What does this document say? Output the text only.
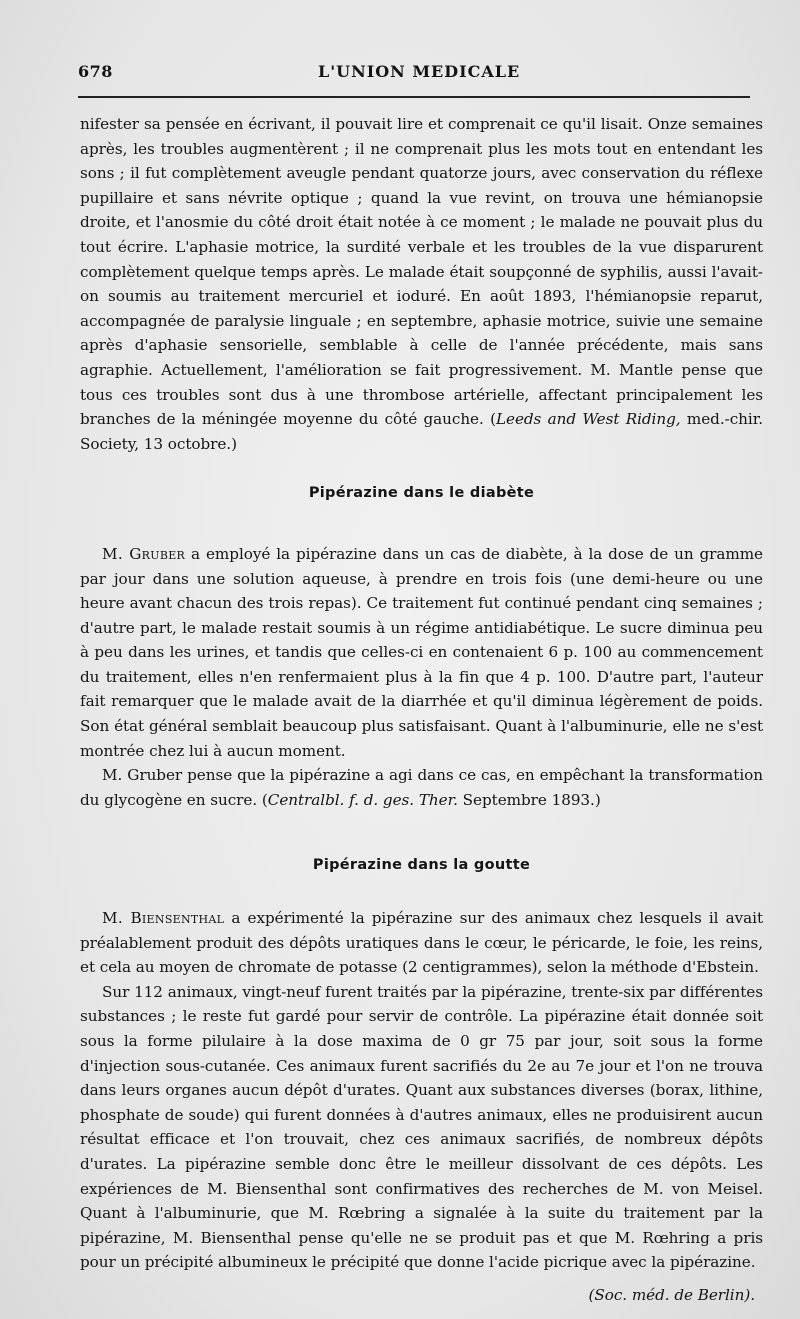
678	L'UNION MEDICALE

nifester sa pensée en écrivant, il pouvait lire et comprenait ce qu'il lisait. Onze semaines après, les troubles augmentèrent ; il ne comprenait plus les mots tout en entendant les sons ; il fut complètement aveugle pendant quatorze jours, avec conservation du réflexe pupillaire et sans névrite optique ; quand la vue revint, on trouva une hémianopsie droite, et l'anosmie du côté droit était notée à ce moment ; le malade ne pouvait plus du tout écrire. L'aphasie motrice, la surdité verbale et les troubles de la vue disparurent complètement quelque temps après. Le malade était soupçonné de syphilis, aussi l'avait-on soumis au traitement mercuriel et ioduré. En août 1893, l'hémianopsie reparut, accompagnée de paralysie linguale ; en septembre, aphasie motrice, suivie une semaine après d'aphasie sensorielle, semblable à celle de l'année précédente, mais sans agraphie. Actuellement, l'amélioration se fait progressivement. M. Mantle pense que tous ces troubles sont dus à une thrombose artérielle, affectant principalement les branches de la méningée moyenne du côté gauche. (Leeds and West Riding, med.-chir. Society, 13 octobre.)

Pipérazine dans le diabète

M. Gruber a employé la pipérazine dans un cas de diabète, à la dose de un gramme par jour dans une solution aqueuse, à prendre en trois fois (une demi-heure ou une heure avant chacun des trois repas). Ce traitement fut continué pendant cinq semaines ; d'autre part, le malade restait soumis à un régime antidiabétique. Le sucre diminua peu à peu dans les urines, et tandis que celles-ci en contenaient 6 p. 100 au commencement du traitement, elles n'en renfermaient plus à la fin que 4 p. 100. D'autre part, l'auteur fait remarquer que le malade avait de la diarrhée et qu'il diminua légèrement de poids. Son état général semblait beaucoup plus satisfaisant. Quant à l'albuminurie, elle ne s'est montrée chez lui à aucun moment.

M. Gruber pense que la pipérazine a agi dans ce cas, en empêchant la transformation du glycogène en sucre. (Centralbl. f. d. ges. Ther. Septembre 1893.)

Pipérazine dans la goutte

M. Biensenthal a expérimenté la pipérazine sur des animaux chez lesquels il avait préalablement produit des dépôts uratiques dans le cœur, le péricarde, le foie, les reins, et cela au moyen de chromate de potasse (2 centigrammes), selon la méthode d'Ebstein.

Sur 112 animaux, vingt-neuf furent traités par la pipérazine, trente-six par différentes substances ; le reste fut gardé pour servir de contrôle. La pipérazine était donnée soit sous la forme pilulaire à la dose maxima de 0 gr 75 par jour, soit sous la forme d'injection sous-cutanée. Ces animaux furent sacrifiés du 2e au 7e jour et l'on ne trouva dans leurs organes aucun dépôt d'urates. Quant aux substances diverses (borax, lithine, phosphate de soude) qui furent données à d'autres animaux, elles ne produisirent aucun résultat efficace et l'on trouvait, chez ces animaux sacrifiés, de nombreux dépôts d'urates. La pipérazine semble donc être le meilleur dissolvant de ces dépôts. Les expériences de M. Biensenthal sont confirmatives des recherches de M. von Meisel. Quant à l'albuminurie, que M. Rœbring a signalée à la suite du traitement par la pipérazine, M. Biensenthal pense qu'elle ne se produit pas et que M. Rœhring a pris pour un précipité albumineux le précipité que donne l'acide picrique avec la pipérazine.

(Soc. méd. de Berlin).
